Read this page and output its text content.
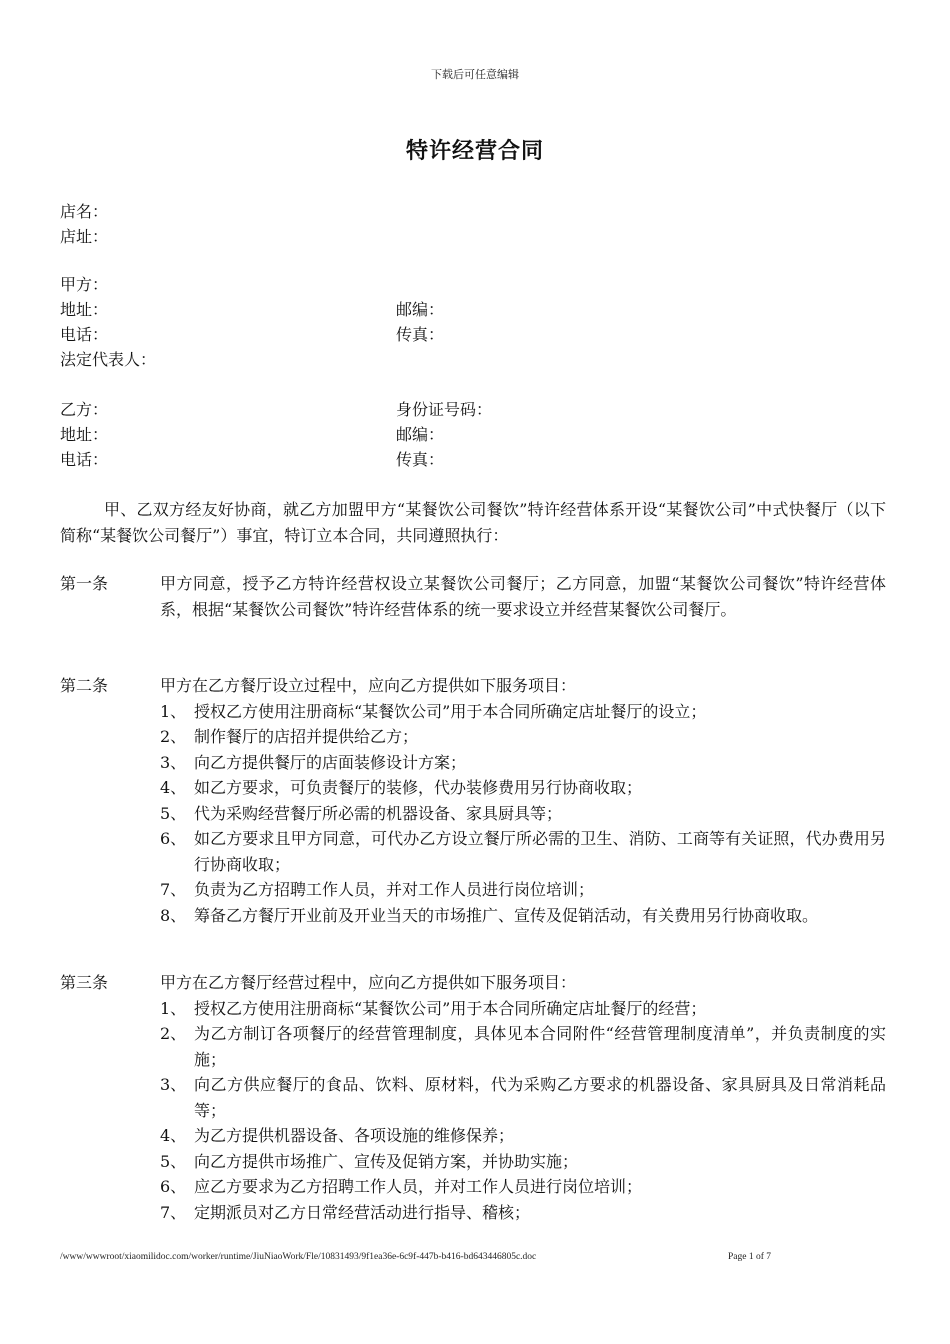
下载后可任意编辑
特许经营合同
店名：
店址：
甲方：
地址：	邮编：
电话：	传真：
法定代表人：
乙方：	身份证号码：
地址：	邮编：
电话：	传真：
甲、乙双方经友好协商，就乙方加盟甲方“某餐饮公司餐饮”特许经营体系开设“某餐饮公司”中式快餐厅（以下简称“某餐饮公司餐厅”）事宜，特订立本合同，共同遵照执行：
第一条	甲方同意，授予乙方特许经营权设立某餐饮公司餐厅；乙方同意，加盟“某餐饮公司餐饮”特许经营体系，根据“某餐饮公司餐饮”特许经营体系的统一要求设立并经营某餐饮公司餐厅。
第二条	甲方在乙方餐厅设立过程中，应向乙方提供如下服务项目：
1、 授权乙方使用注册商标“某餐饮公司”用于本合同所确定店址餐厅的设立；
2、 制作餐厅的店招并提供给乙方；
3、 向乙方提供餐厅的店面装修设计方案；
4、 如乙方要求，可负责餐厅的装修，代办装修费用另行协商收取；
5、 代为采购经营餐厅所必需的机器设备、家具厨具等；
6、 如乙方要求且甲方同意，可代办乙方设立餐厅所必需的卫生、消防、工商等有关证照，代办费用另行协商收取；
7、 负责为乙方招聘工作人员，并对工作人员进行岗位培训；
8、 筹备乙方餐厅开业前及开业当天的市场推广、宣传及促销活动，有关费用另行协商收取。
第三条	甲方在乙方餐厅经营过程中，应向乙方提供如下服务项目：
1、 授权乙方使用注册商标“某餐饮公司”用于本合同所确定店址餐厅的经营；
2、 为乙方制订各项餐厅的经营管理制度，具体见本合同附件“经营管理制度清单”，并负责制度的实施；
3、 向乙方供应餐厅的食品、饮料、原材料，代为采购乙方要求的机器设备、家具厨具及日常消耗品等；
4、 为乙方提供机器设备、各项设施的维修保养；
5、 向乙方提供市场推广、宣传及促销方案，并协助实施；
6、 应乙方要求为乙方招聘工作人员，并对工作人员进行岗位培训；
7、 定期派员对乙方日常经营活动进行指导、稽核；
/www/wwwroot/xiaomilidoc.com/worker/runtime/JiuNiaoWork/Fle/10831493/9f1ea36e-6c9f-447b-b416-bd643446805c.doc	Page 1 of 7
